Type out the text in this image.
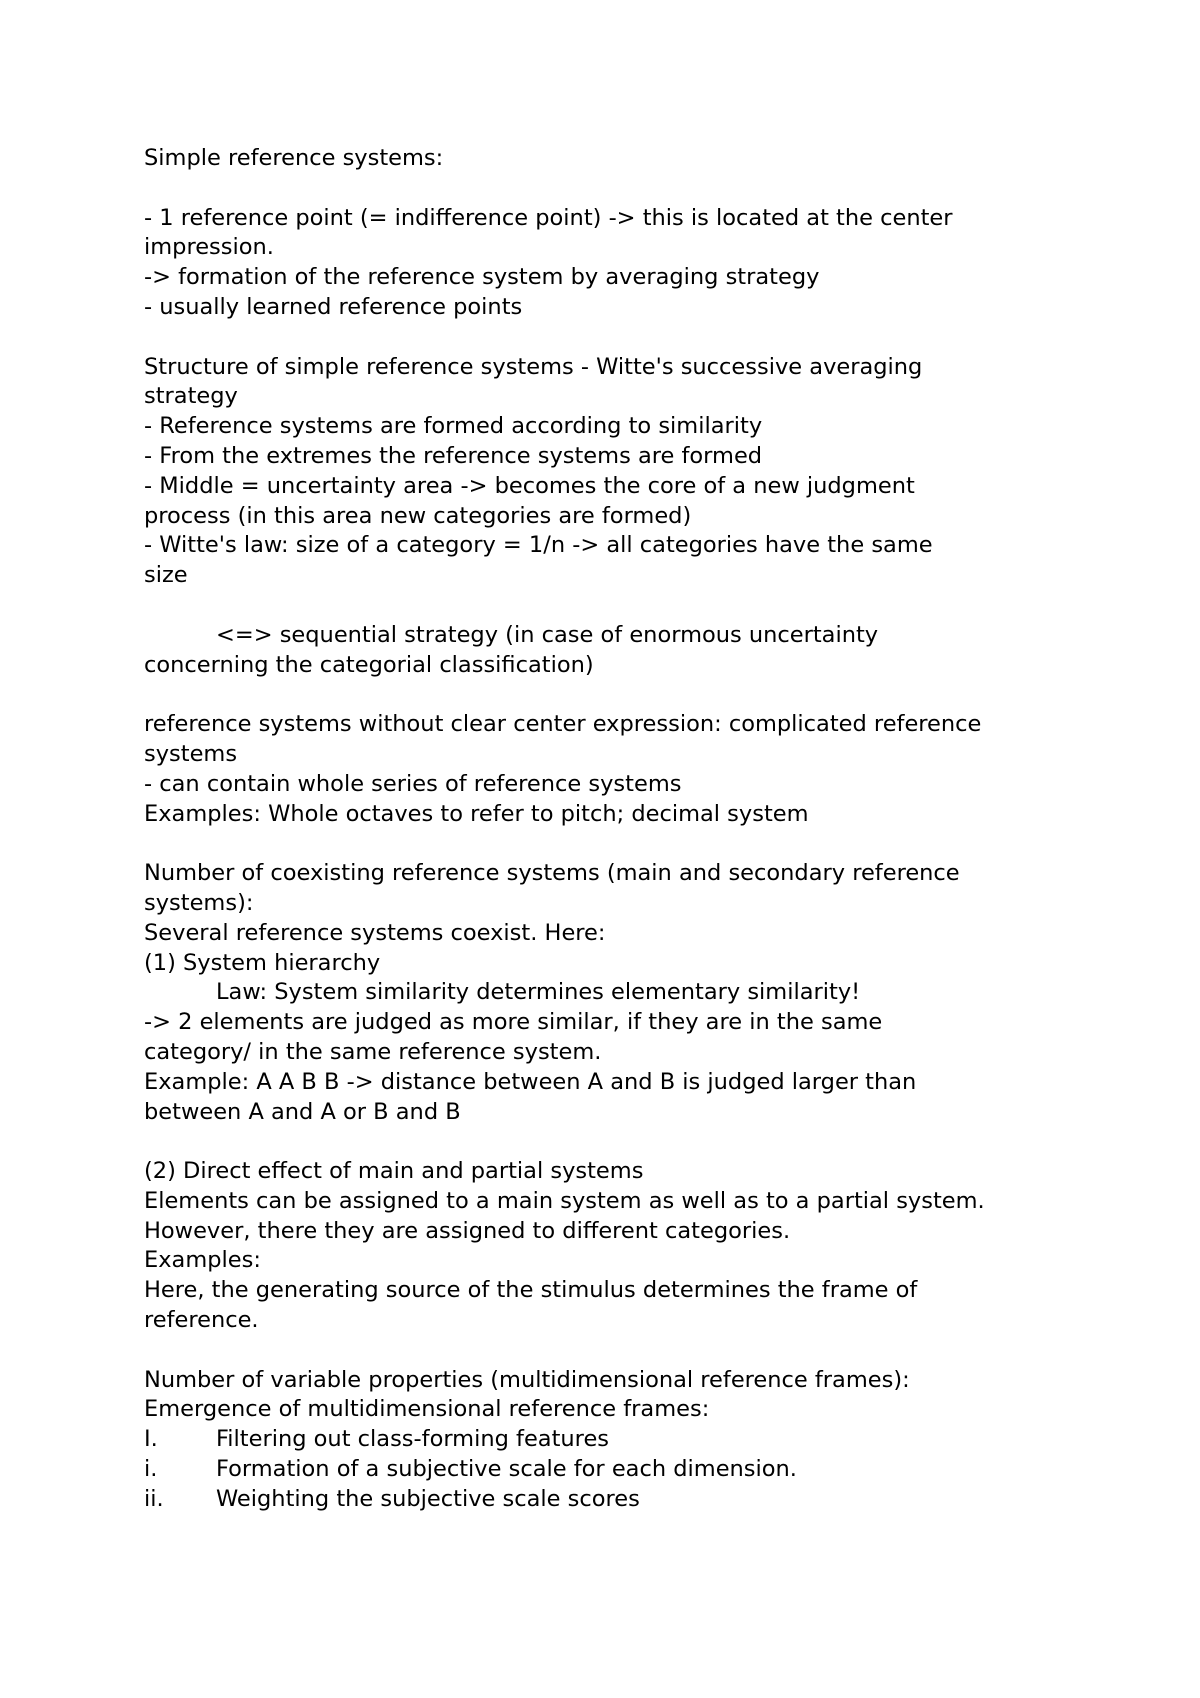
Simple reference systems:
- 1 reference point (= indifference point) -> this is located at the center
impression.
-> formation of the reference system by averaging strategy
- usually learned reference points
Structure of simple reference systems - Witte's successive averaging
strategy
- Reference systems are formed according to similarity
- From the extremes the reference systems are formed
- Middle = uncertainty area -> becomes the core of a new judgment
process (in this area new categories are formed)
- Witte's law: size of a category = 1/n -> all categories have the same
size
<=> sequential strategy (in case of enormous uncertainty
concerning the categorial classification)
reference systems without clear center expression: complicated reference
systems
- can contain whole series of reference systems
Examples: Whole octaves to refer to pitch; decimal system
Number of coexisting reference systems (main and secondary reference
systems):
Several reference systems coexist. Here:
(1) System hierarchy
Law: System similarity determines elementary similarity!
-> 2 elements are judged as more similar, if they are in the same
category/ in the same reference system.
Example: A A B B -> distance between A and B is judged larger than
between A and A or B and B
(2) Direct effect of main and partial systems
Elements can be assigned to a main system as well as to a partial system.
However, there they are assigned to different categories.
Examples:
Here, the generating source of the stimulus determines the frame of
reference.
Number of variable properties (multidimensional reference frames):
Emergence of multidimensional reference frames:
I.	Filtering out class-forming features
i.	Formation of a subjective scale for each dimension.
ii.	Weighting the subjective scale scores
